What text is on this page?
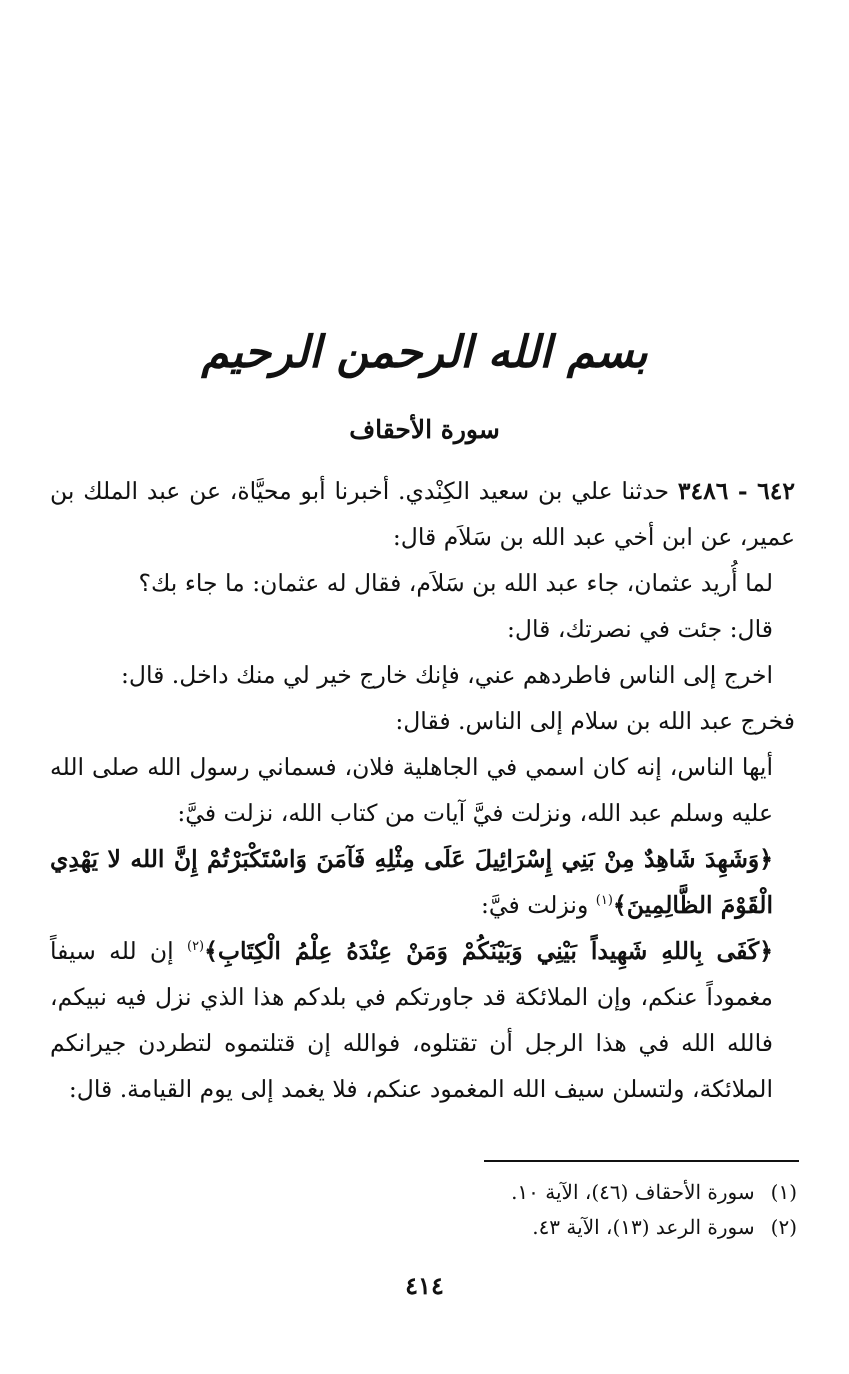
بسم الله الرحمن الرحيم
سورة الأحقاف

٦٤٢ - ٣٤٨٦ حدثنا علي بن سعيد الكِنْدي. أخبرنا أبو محيَّاة، عن عبد الملك بن عمير، عن ابن أخي عبد الله بن سَلاَم قال:

لما أُريد عثمان، جاء عبد الله بن سَلاَم، فقال له عثمان: ما جاء بك؟

قال: جئت في نصرتك، قال:

اخرج إلى الناس فاطردهم عني، فإنك خارج خير لي منك داخل. قال:

فخرج عبد الله بن سلام إلى الناس. فقال:

أيها الناس، إنه كان اسمي في الجاهلية فلان، فسماني رسول الله صلى الله عليه وسلم عبد الله، ونزلت فيَّ آيات من كتاب الله، نزلت فيَّ:

﴿وَشَهِدَ شَاهِدٌ مِنْ بَنِي إِسْرَائِيلَ عَلَى مِثْلِهِ فَآمَنَ وَاسْتَكْبَرْتُمْ إِنَّ الله لا يَهْدِي الْقَوْمَ الظَّالِمِينَ﴾$^{(١)}$ ونزلت فيَّ:

﴿كَفَى بِاللهِ شَهِيداً بَيْنِي وَبَيْنَكُمْ وَمَنْ عِنْدَهُ عِلْمُ الْكِتَابِ﴾$^{(٢)}$ إن لله سيفاً مغموداً عنكم، وإن الملائكة قد جاورتكم في بلدكم هذا الذي نزل فيه نبيكم، فالله الله في هذا الرجل أن تقتلوه، فوالله إن قتلتموه لتطردن جيرانكم الملائكة، ولتسلن سيف الله المغمود عنكم، فلا يغمد إلى يوم القيامة. قال:

(١) سورة الأحقاف (٤٦)، الآية ١٠.
(٢) سورة الرعد (١٣)، الآية ٤٣.
٤١٤
